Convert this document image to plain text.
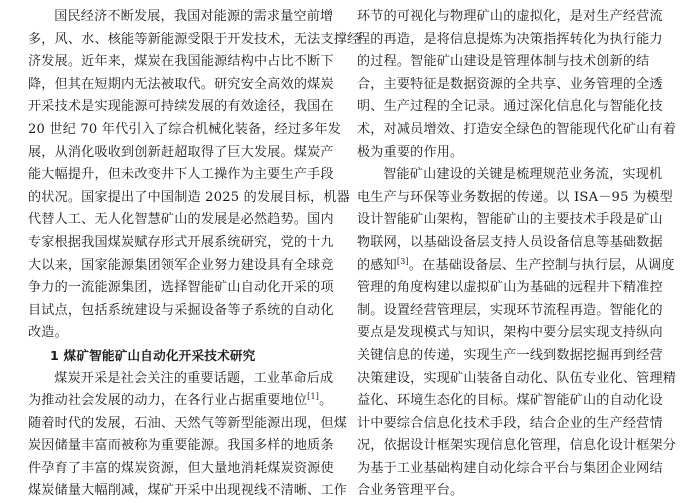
国民经济不断发展，我国对能源的需求量空前增
多，风、水、核能等新能源受限于开发技术，无法支撑经
济发展。近年来，煤炭在我国能源结构中占比不断下
降，但其在短期内无法被取代。研究安全高效的煤炭
开采技术是实现能源可持续发展的有效途径，我国在
20 世纪 70 年代引入了综合机械化装备，经过多年发
展，从消化吸收到创新赶超取得了巨大发展。煤炭产
能大幅提升，但未改变井下人工操作为主要生产手段
的状况。国家提出了中国制造 2025 的发展目标，机器
代替人工、无人化智慧矿山的发展是必然趋势。国内
专家根据我国煤炭赋存形式开展系统研究，党的十九
大以来，国家能源集团领军企业努力建设具有全球竞
争力的一流能源集团，选择智能矿山自动化开采的项
目试点，包括系统建设与采掘设备等子系统的自动化
改造。
1 煤矿智能矿山自动化开采技术研究
煤炭开采是社会关注的重要话题，工业革命后成
为推动社会发展的动力，在各行业占据重要地位[1]。
随着时代的发展，石油、天然气等新型能源出现，但煤
炭因储量丰富而被称为重要能源。我国多样的地质条
件孕育了丰富的煤炭资源，但大量地消耗煤炭资源使
煤炭储量大幅削减，煤矿开采中出现视线不清晰、工作
环节的可视化与物理矿山的虚拟化，是对生产经营流
程的再造，是将信息提炼为决策指挥转化为执行能力
的过程。智能矿山建设是管理体制与技术创新的结
合，主要特征是数据资源的全共享、业务管理的全透
明、生产过程的全记录。通过深化信息化与智能化技
术，对减员增效、打造安全绿色的智能现代化矿山有着
极为重要的作用。
智能矿山建设的关键是梳理规范业务流，实现机
电生产与环保等业务数据的传递。以 ISA－95 为模型
设计智能矿山架构，智能矿山的主要技术手段是矿山
物联网，以基础设备层支持人员设备信息等基础数据
的感知[3]。在基础设备层、生产控制与执行层，从调度
管理的角度构建以虚拟矿山为基础的远程井下精准控
制。设置经营管理层，实现环节流程再造。智能化的
要点是发现模式与知识，架构中要分层实现支持纵向
关键信息的传递，实现生产一线到数据挖掘再到经营
决策建设，实现矿山装备自动化、队伍专业化、管理精
益化、环境生态化的目标。煤矿智能矿山的自动化设
计中要综合信息化技术手段，结合企业的生产经营情
况，依据设计框架实现信息化管理，信息化设计框架分
为基于工业基础构建自动化综合平台与集团企业网结
合业务管理平台。
